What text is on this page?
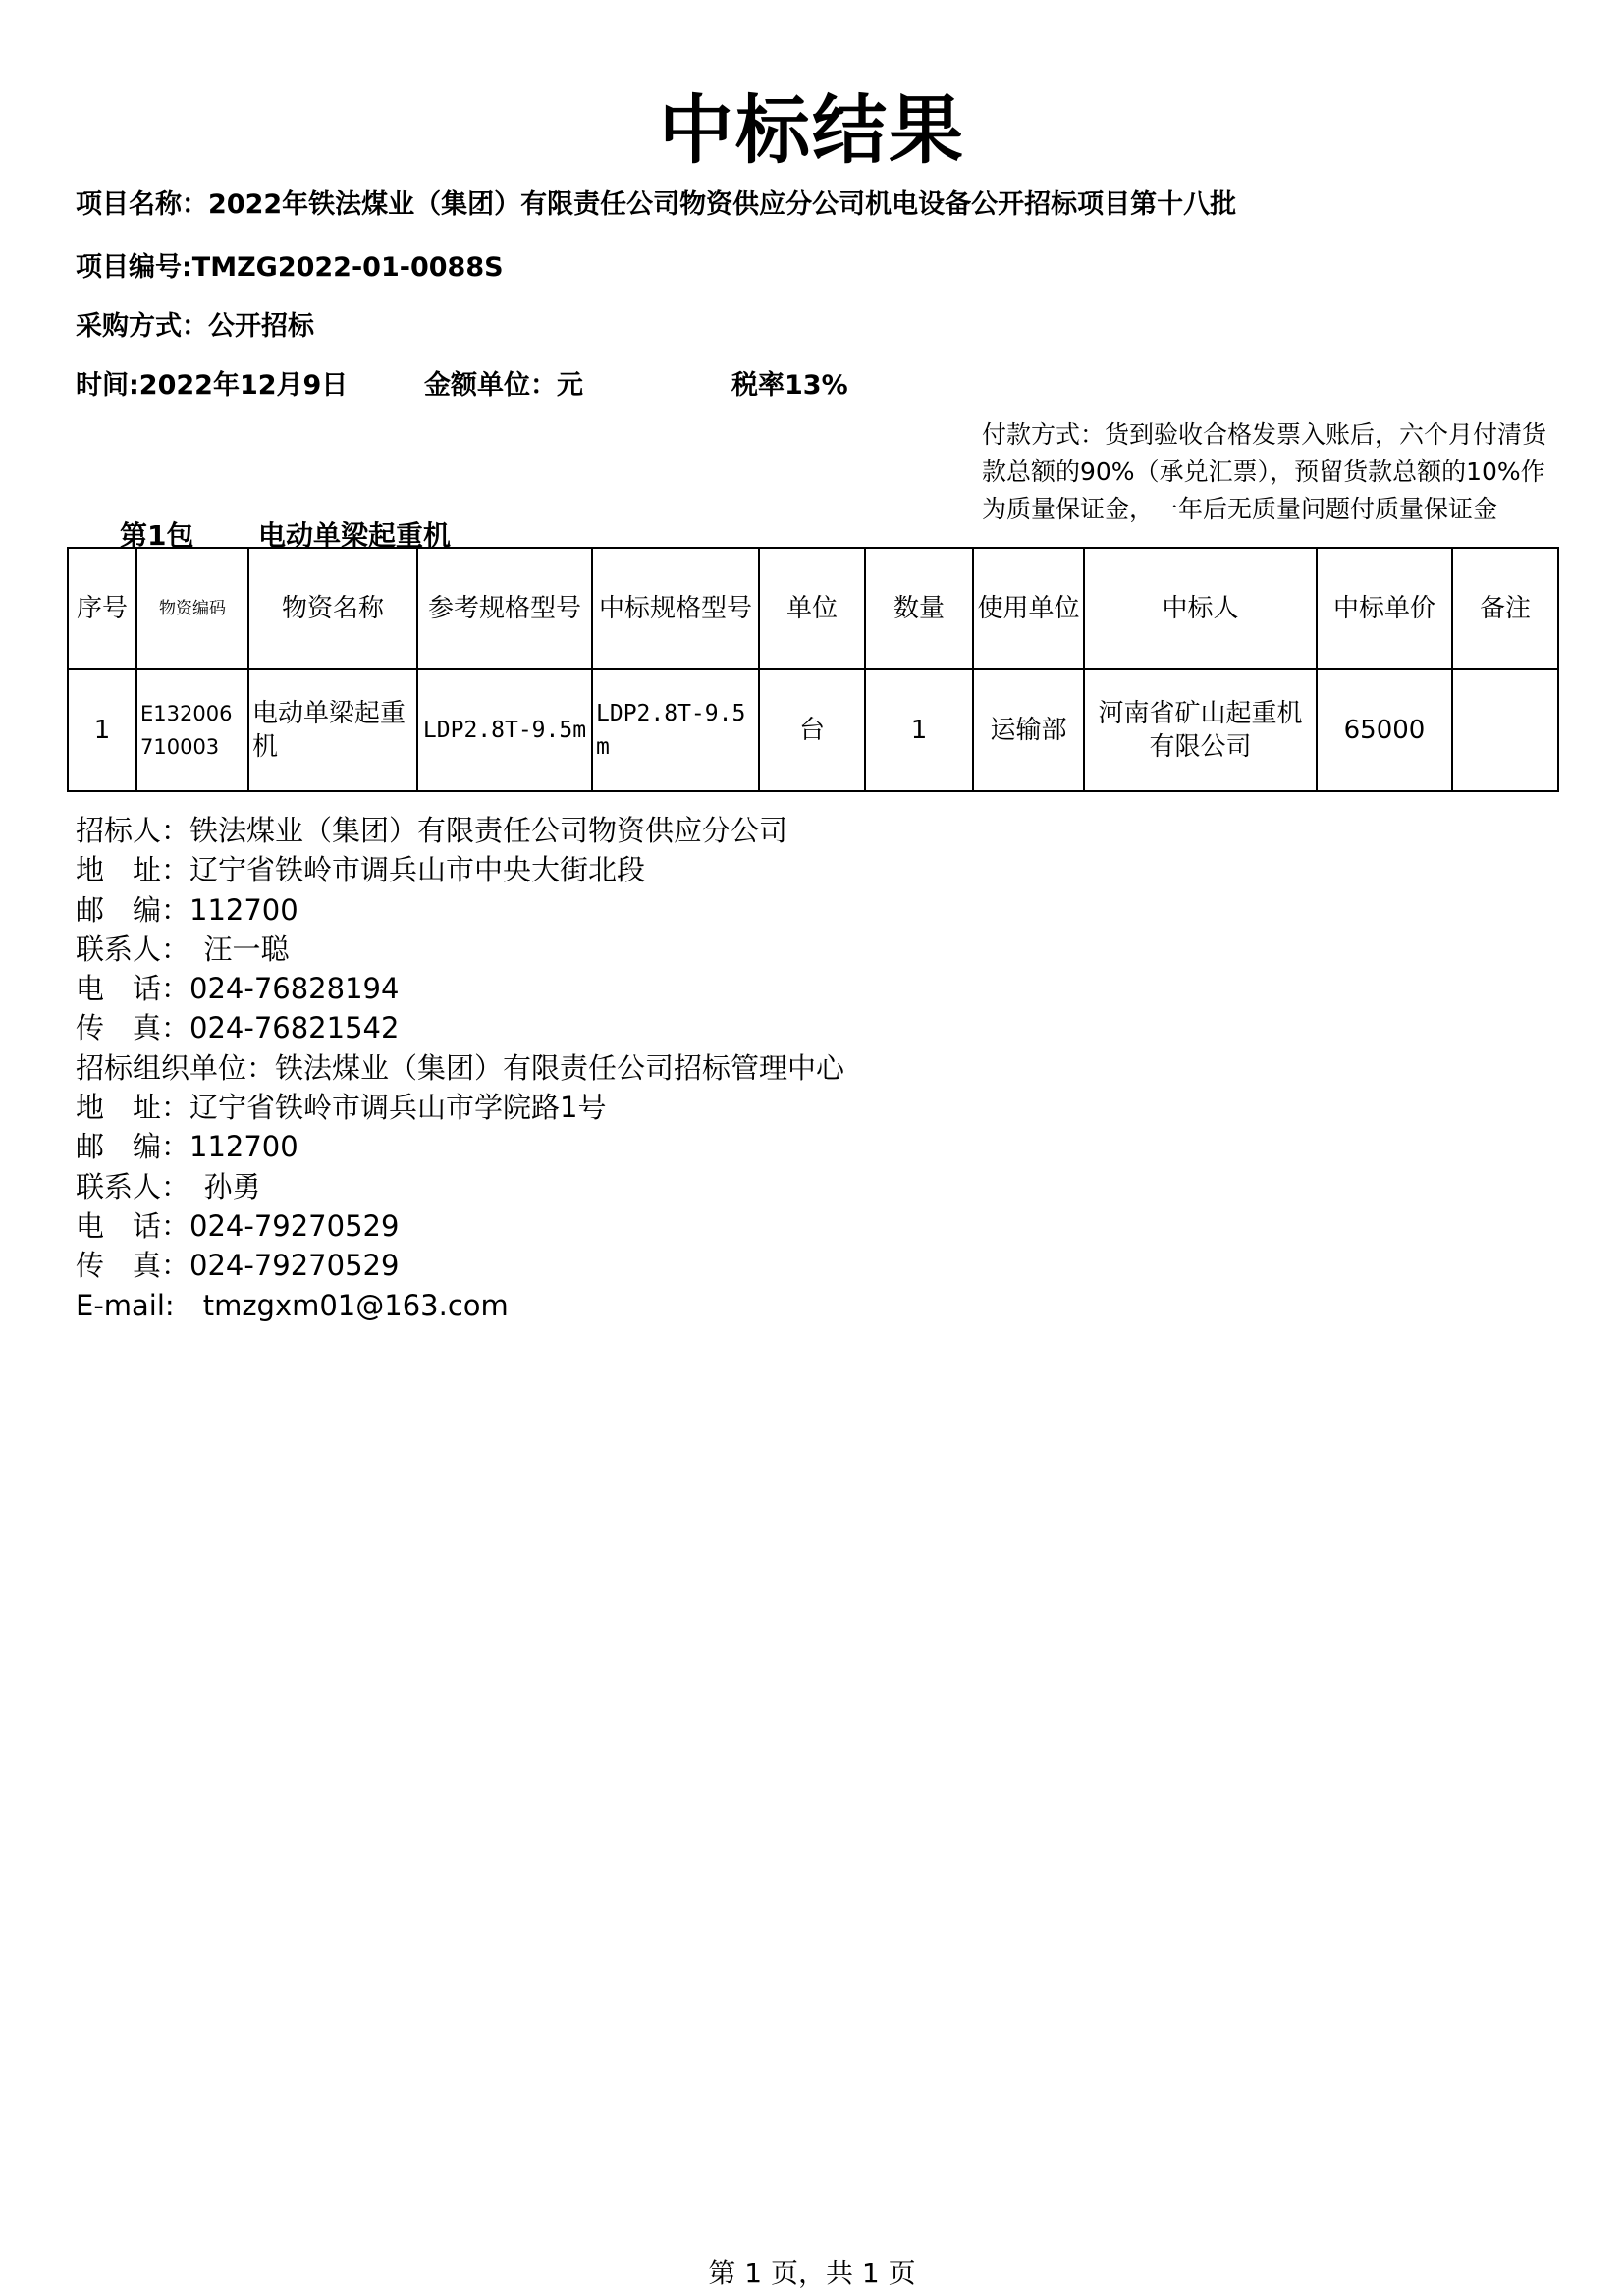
中标结果
项目名称：2022年铁法煤业（集团）有限责任公司物资供应分公司机电设备公开招标项目第十八批
项目编号:TMZG2022-01-0088S
采购方式：公开招标
时间:2022年12月9日	金额单位：元	税率13%
付款方式：货到验收合格发票入账后，六个月付清货款总额的90%（承兑汇票），预留货款总额的10%作为质量保证金，一年后无质量问题付质量保证金
第1包 电动单梁起重机
序号	物资编码	物资名称	参考规格型号	中标规格型号	单位	数量	使用单位	中标人	中标单价	备注
1	E132006710003	电动单梁起重机	LDP2.8T-9.5m	LDP2.8T-9.5m	台	1	运输部	河南省矿山起重机有限公司	65000	
招标人：铁法煤业（集团）有限责任公司物资供应分公司
地　址：辽宁省铁岭市调兵山市中央大街北段
邮　编：112700
联系人：　汪一聪
电　话：024-76828194
传　真：024-76821542
招标组织单位：铁法煤业（集团）有限责任公司招标管理中心
地　址：辽宁省铁岭市调兵山市学院路1号
邮　编：112700
联系人：　孙勇
电　话：024-79270529
传　真：024-79270529
E-mail:　tmzgxm01@163.com
第 1 页，共 1 页
